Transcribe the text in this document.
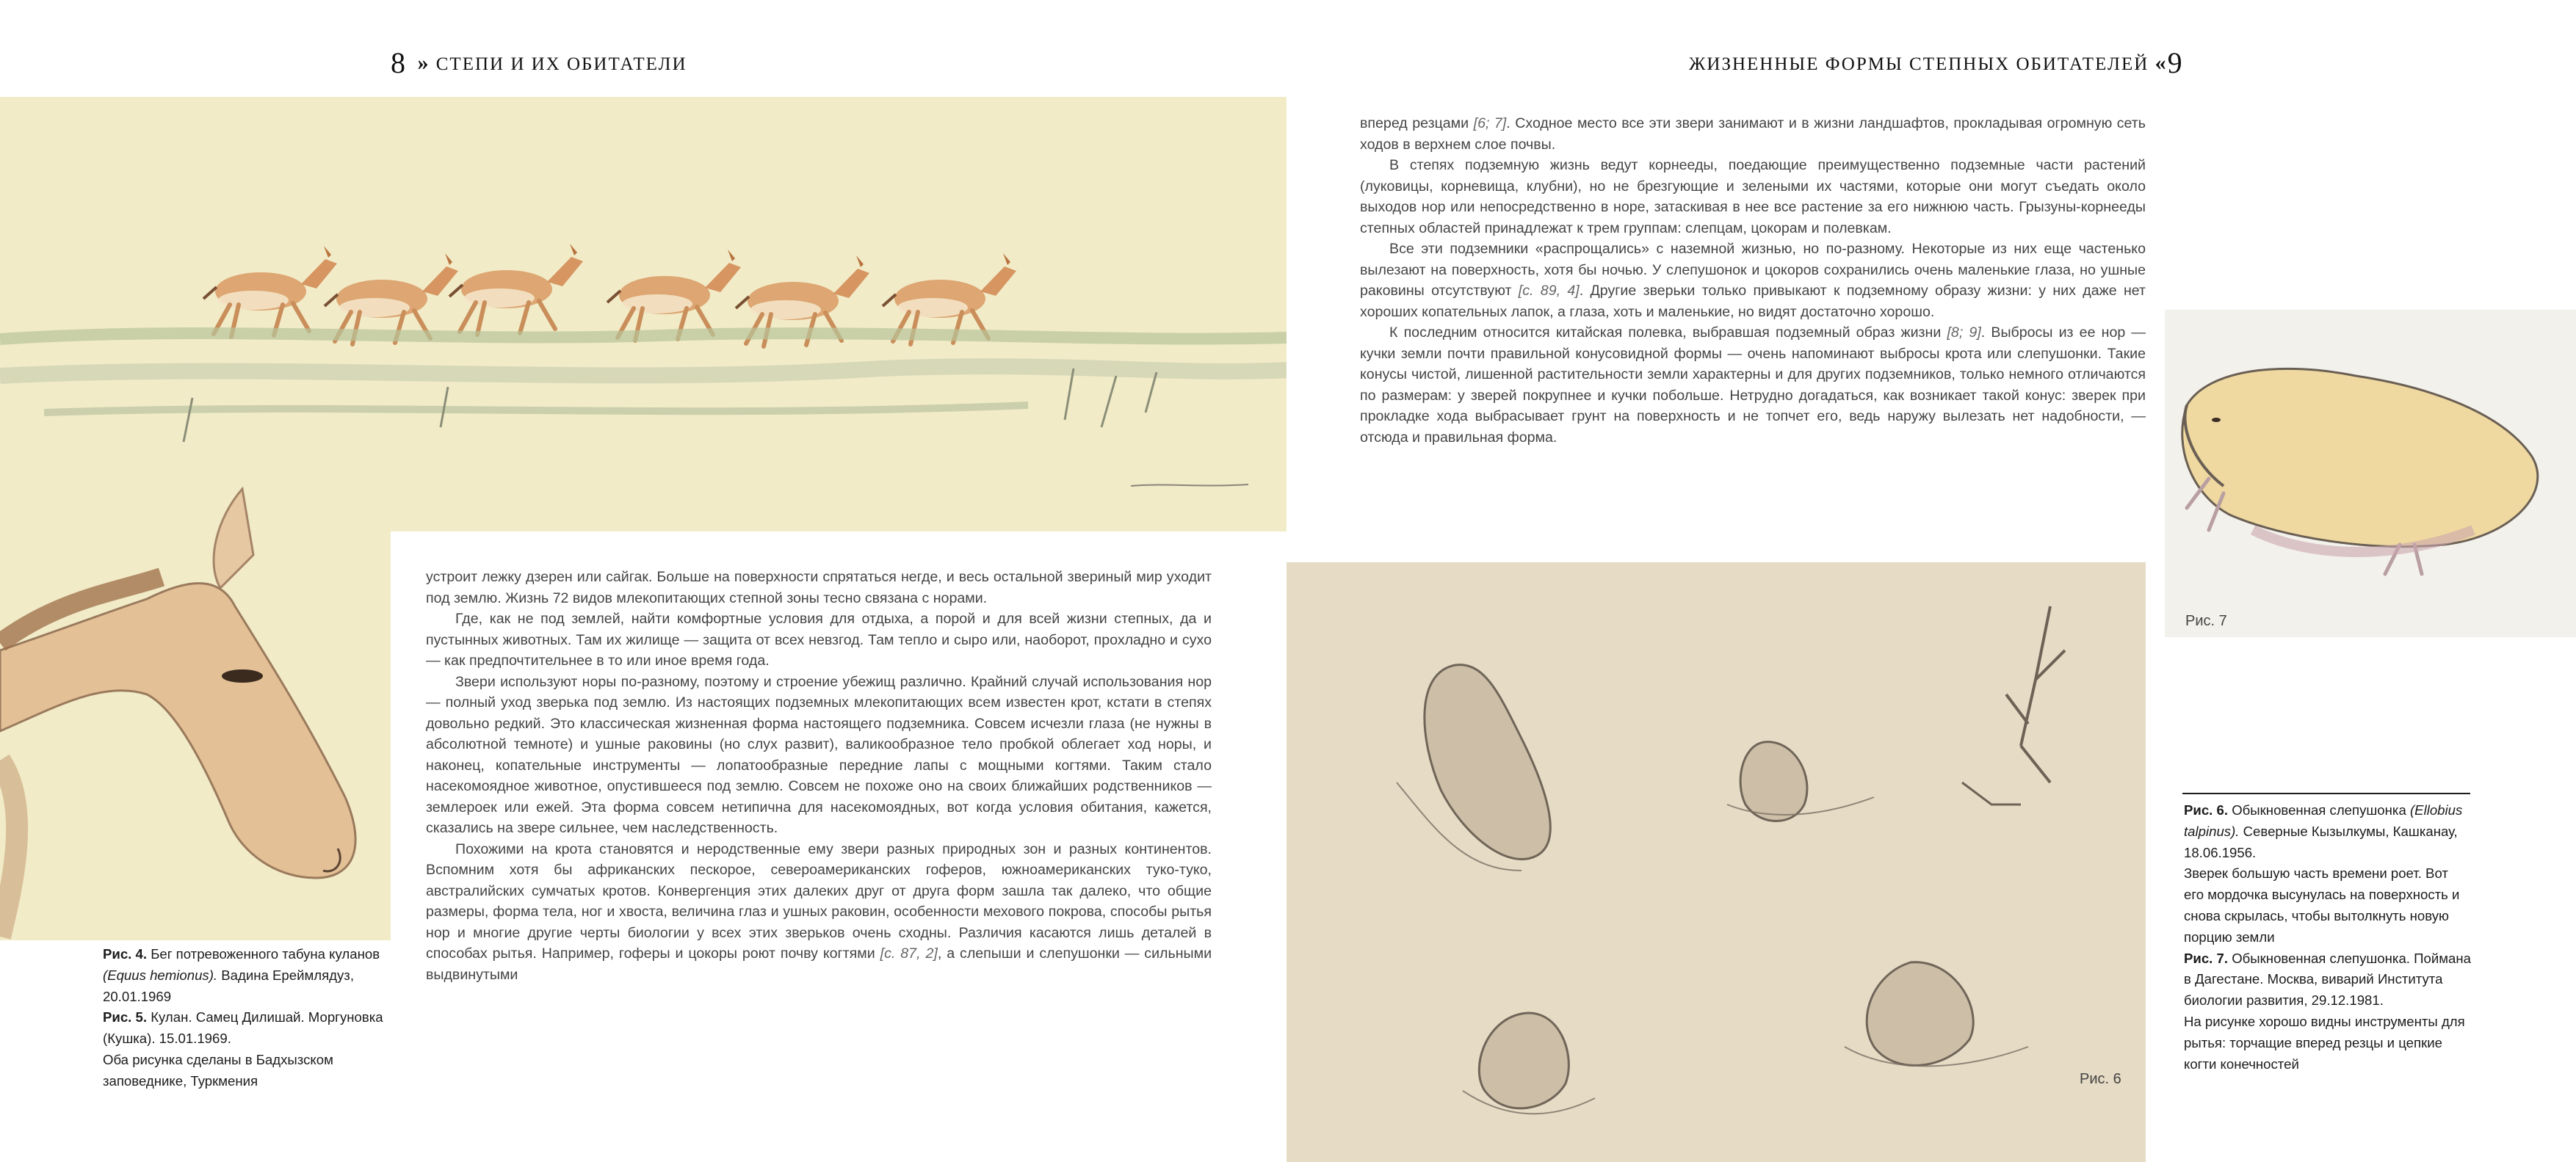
8 » СТЕПИ И ИХ ОБИТАТЕЛИ	ЖИЗНЕННЫЕ ФОРМЫ СТЕПНЫХ ОБИТАТЕЛЕЙ «9
Рис. 4. Бег потревоженного табуна куланов (Equus hemionus). Вадина Ереймлядуз, 20.01.1969
Рис. 5. Кулан. Самец Дилишай. Моргуновка (Кушка). 15.01.1969.
Оба рисунка сделаны в Бадхызском заповеднике, Туркмения

устроит лежку дзерен или сайгак. Больше на поверхности спрятаться негде, и весь остальной звериный мир уходит под землю. Жизнь 72 видов млекопитающих степной зоны тесно связана с норами.

Где, как не под землей, найти комфортные условия для отдыха, а порой и для всей жизни степных, да и пустынных животных. Там их жилище — защита от всех невзгод. Там тепло и сыро или, наоборот, прохладно и сухо — как предпочтительнее в то или иное время года.

Звери используют норы по-разному, поэтому и строение убежищ различно. Крайний случай использования нор — полный уход зверька под землю. Из настоящих подземных млекопитающих всем известен крот, кстати в степях довольно редкий. Это классическая жизненная форма настоящего подземника. Совсем исчезли глаза (не нужны в абсолютной темноте) и ушные раковины (но слух развит), валикообразное тело пробкой облегает ход норы, и наконец, копательные инструменты — лопатообразные передние лапы с мощными когтями. Таким стало насекомоядное животное, опустившееся под землю. Совсем не похоже оно на своих ближайших родственников — землероек или ежей. Эта форма совсем нетипична для насекомоядных, вот когда условия обитания, кажется, сказались на звере сильнее, чем наследственность.

Похожими на крота становятся и неродственные ему звери разных природных зон и разных континентов. Вспомним хотя бы африканских пескорое, североамериканских гоферов, южноамериканских туко-туко, австралийских сумчатых кротов. Конвергенция этих далеких друг от друга форм зашла так далеко, что общие размеры, форма тела, ног и хвоста, величина глаз и ушных раковин, особенности мехового покрова, способы рытья нор и многие другие черты биологии у всех этих зверьков очень сходны. Различия касаются лишь деталей в способах рытья. Например, гоферы и цокоры роют почву когтями [с. 87, 2], а слепыши и слепушонки — сильными выдвинутыми

вперед резцами [6; 7]. Сходное место все эти звери занимают и в жизни ландшафтов, прокладывая огромную сеть ходов в верхнем слое почвы.

В степях подземную жизнь ведут корнееды, поедающие преимущественно подземные части растений (луковицы, корневища, клубни), но не брезгующие и зелеными их частями, которые они могут съедать около выходов нор или непосредственно в норе, затаскивая в нее все растение за его нижнюю часть. Грызуны-корнееды степных областей принадлежат к трем группам: слепцам, цокорам и полевкам.

Все эти подземники «распрощались» с наземной жизнью, но по-разному. Некоторые из них еще частенько вылезают на поверхность, хотя бы ночью. У слепушонок и цокоров сохранились очень маленькие глаза, но ушные раковины отсутствуют [с. 89, 4]. Другие зверьки только привыкают к подземному образу жизни: у них даже нет хороших копательных лапок, а глаза, хоть и маленькие, но видят достаточно хорошо.

К последним относится китайская полевка, выбравшая подземный образ жизни [8; 9]. Выбросы из ее нор — кучки земли почти правильной конусовидной формы — очень напоминают выбросы крота или слепушонки. Такие конусы чистой, лишенной растительности земли характерны и для других подземников, только немного отличаются по размерам: у зверей покрупнее и кучки побольше. Нетрудно догадаться, как возникает такой конус: зверек при прокладке хода выбрасывает грунт на поверхность и не топчет его, ведь наружу вылезать нет надобности, — отсюда и правильная форма.

Рис. 6
Рис. 7
Рис. 6. Обыкновенная слепушонка (Ellobius talpinus). Северные Кызылкумы, Кашканау, 18.06.1956.
Зверек большую часть времени роет. Вот его мордочка высунулась на поверхность и снова скрылась, чтобы вытолкнуть новую порцию земли
Рис. 7. Обыкновенная слепушонка. Поймана в Дагестане. Москва, виварий Института биологии развития, 29.12.1981.
На рисунке хорошо видны инструменты для рытья: торчащие вперед резцы и цепкие когти конечностей
